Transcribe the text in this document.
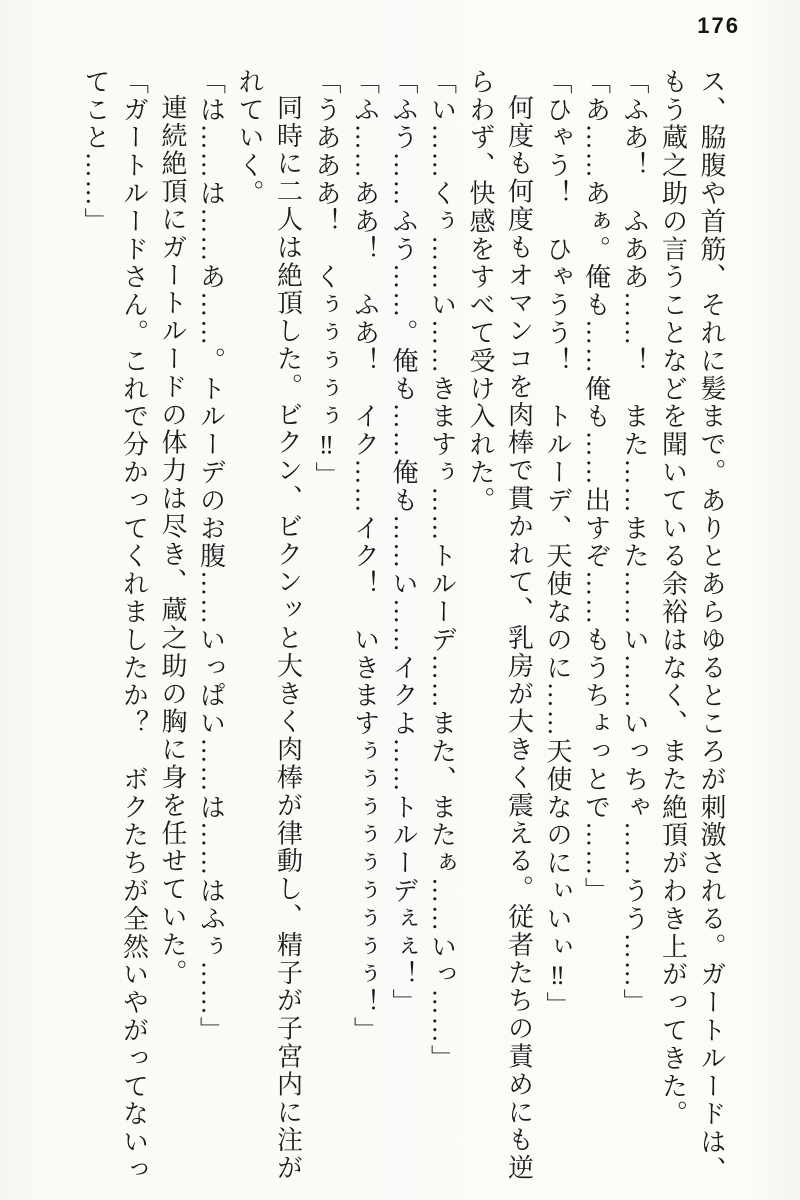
176

ス、脇腹や首筋、それに髪まで。ありとあらゆるところが刺激される。ガートルードは、もう蔵之助の言うことなどを聞いている余裕はなく、また絶頂がわき上がってきた。

「ふあ！　ふああ……！　また……また……い……いっちゃ……うう……」

「あ……あぁ。俺も……俺も……出すぞ……もうちょっとで……」

「ひゃう！　ひゃうう！　トルーデ、天使なのに……天使なのにぃいぃ‼」

何度も何度もオマンコを肉棒で貫かれて、乳房が大きく震える。従者たちの責めにも逆らわず、快感をすべて受け入れた。

「い……くぅ……い……きますぅ……トルーデ……また、またぁ……いっ……」

「ふう……ふう……。俺も……俺も……い……イクよ……トルーデぇぇ！」

「ふ……ああ！　ふあ！　イク……イク！　いきますぅぅぅぅぅぅぅぅぅ！」

「うあああ！　くぅぅぅぅぅ‼」

同時に二人は絶頂した。ビクン、ビクンッと大きく肉棒が律動し、精子が子宮内に注がれていく。

「は……は……あ……。トルーデのお腹……いっぱい……は……はふぅ……」

連続絶頂にガートルードの体力は尽き、蔵之助の胸に身を任せていた。

「ガートルードさん。これで分かってくれましたか？　ボクたちが全然いやがってないってこと……」
